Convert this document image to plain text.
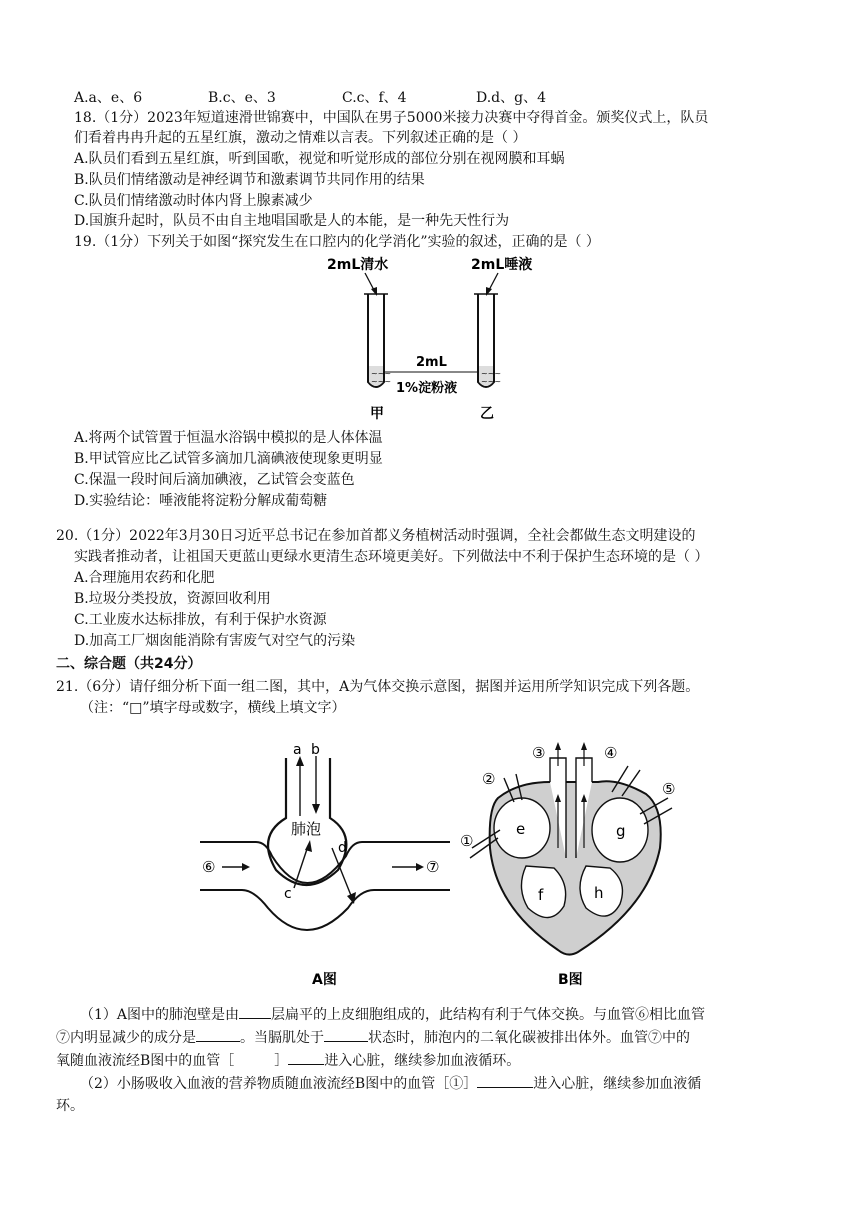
A.a、e、6	B.c、e、3	C.c、f、4	D.d、g、4
18.（1分）2023年短道速滑世锦赛中，中国队在男子5000米接力决赛中夺得首金。颁奖仪式上，队员
们看着冉冉升起的五星红旗，激动之情难以言表。下列叙述正确的是（ ）
A.队员们看到五星红旗，听到国歌，视觉和听觉形成的部位分别在视网膜和耳蜗
B.队员们情绪激动是神经调节和激素调节共同作用的结果
C.队员们情绪激动时体内肾上腺素减少
D.国旗升起时，队员不由自主地唱国歌是人的本能，是一种先天性行为
19.（1分）下列关于如图“探究发生在口腔内的化学消化”实验的叙述，正确的是（ ）
2mL清水	2mL唾液
~~~
~~~
~~~
~~~
2mL
1%淀粉液
甲	乙
A.将两个试管置于恒温水浴锅中模拟的是人体体温
B.甲试管应比乙试管多滴加几滴碘液使现象更明显
C.保温一段时间后滴加碘液，乙试管会变蓝色
D.实验结论：唾液能将淀粉分解成葡萄糖
20.（1分）2022年3月30日习近平总书记在参加首都义务植树活动时强调，全社会都做生态文明建设的
实践者推动者，让祖国天更蓝山更绿水更清生态环境更美好。下列做法中不利于保护生态环境的是（ ）
A.合理施用农药和化肥
B.垃圾分类投放，资源回收利用
C.工业废水达标排放，有利于保护水资源
D.加高工厂烟囱能消除有害废气对空气的污染
二、综合题（共24分）
21.（6分）请仔细分析下面一组二图，其中，A为气体交换示意图，据图并运用所学知识完成下列各题。
（注：“□”填字母或数字，横线上填文字）
a b
肺泡
c
d
⑥	⑦
A图
②
③	④
⑤
①
e
f
g
h
B图
（1）A图中的肺泡壁是由 层扁平的上皮细胞组成的，此结构有利于气体交换。与血管⑥相比血管
⑦内明显减少的成分是	。当膈肌处于	状态时，肺泡内的二氧化碳被排出体外。血管⑦中的
氧随血液流经B图中的血管［	］	进入心脏，继续参加血液循环。
（2）小肠吸收入血液的营养物质随血液流经B图中的血管［①］	进入心脏，继续参加血液循
环。
